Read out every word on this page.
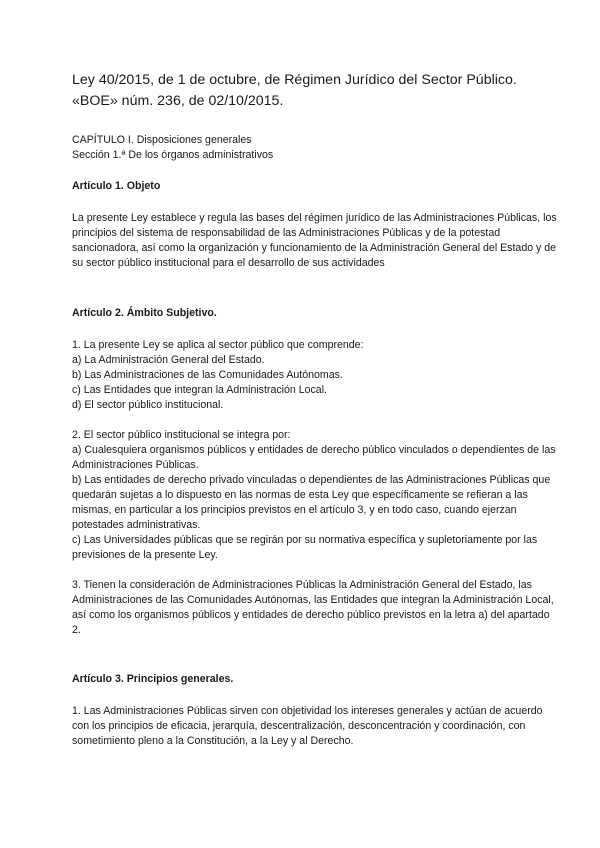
Ley 40/2015, de 1 de octubre, de Régimen Jurídico del Sector Público.
«BOE» núm. 236, de 02/10/2015.
CAPÍTULO I. Disposiciones generales
Sección 1.ª De los órganos administrativos
Artículo 1. Objeto

La presente Ley establece y regula las bases del régimen jurídico de las Administraciones Públicas, los principios del sistema de responsabilidad de las Administraciones Públicas y de la potestad sancionadora, así como la organización y funcionamiento de la Administración General del Estado y de su sector público institucional para el desarrollo de sus actividades

Artículo 2. Ámbito Subjetivo.
1. La presente Ley se aplica al sector público que comprende:
a) La Administración General del Estado.
b) Las Administraciones de las Comunidades Autónomas.
c) Las Entidades que integran la Administración Local.
d) El sector público institucional.
2. El sector público institucional se integra por:
a) Cualesquiera organismos públicos y entidades de derecho público vinculados o dependientes de las Administraciones Públicas.
b) Las entidades de derecho privado vinculadas o dependientes de las Administraciones Públicas que quedarán sujetas a lo dispuesto en las normas de esta Ley que específicamente se refieran a las mismas, en particular a los principios previstos en el artículo 3, y en todo caso, cuando ejerzan potestades administrativas.
c) Las Universidades públicas que se regirán por su normativa específica y supletoriamente por las previsiones de la presente Ley.

3. Tienen la consideración de Administraciones Públicas la Administración General del Estado, las Administraciones de las Comunidades Autónomas, las Entidades que integran la Administración Local, así como los organismos públicos y entidades de derecho público previstos en la letra a) del apartado 2.

Artículo 3. Principios generales.

1. Las Administraciones Públicas sirven con objetividad los intereses generales y actúan de acuerdo con los principios de eficacia, jerarquía, descentralización, desconcentración y coordinación, con sometimiento pleno a la Constitución, a la Ley y al Derecho.
